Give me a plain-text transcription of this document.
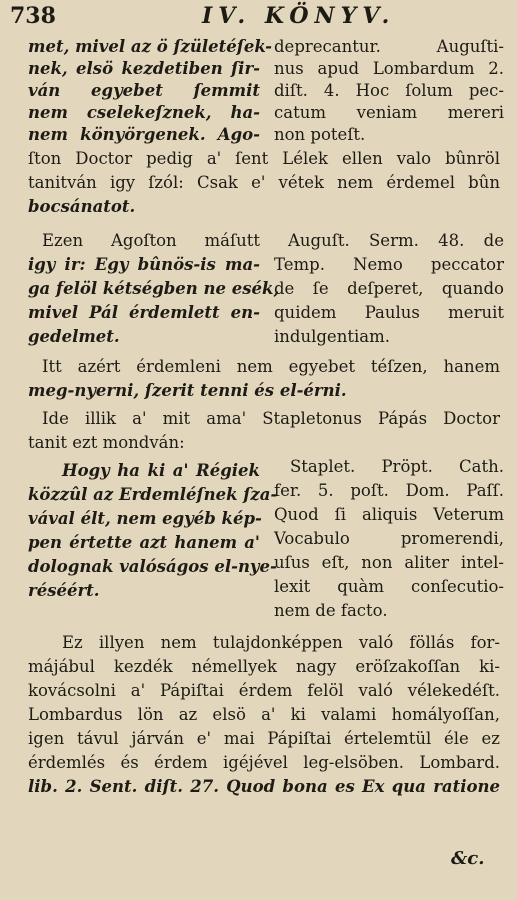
738	IV. KÖNYV.
met, mivel az ö ſzületéſek-
nek, elsö kezdetiben ſir-
ván egyebet ſemmit
nem cselekeſznek, ha-
nem könyörgenek. Ago-
deprecantur. Auguſti-
nus apud Lombardum 2.
diſt. 4. Hoc ſolum pec-
catum veniam mereri
non poteſt.
ſton Doctor pedig a' ſent Lélek ellen valo bûnröl
tanitván igy ſzól: Csak e' vétek nem érdemel bûn
bocsánatot.
Ezen Agoſton máſutt
igy ir: Egy bûnös-is ma-
ga felöl kétségben ne esék,
mivel Pál érdemlett en-
gedelmet.
Auguſt. Serm. 48. de
Temp. Nemo peccator
de ſe deſperet, quando
quidem Paulus meruit
indulgentiam.
Itt azért érdemleni nem egyebet téſzen, hanem
meg-nyerni, ſzerit tenni és el-érni.
Ide illik a' mit ama' Stapletonus Pápás Doctor
tanit ezt mondván:
Hogy ha ki a' Régiek
közzûl az Erdemléſnek ſza-
vával élt, nem egyéb kép-
pen értette azt hanem a'
dolognak valóságos el-nye-
réséért.
Staplet. Pröpt. Cath.
fer. 5. poſt. Dom. Paſſ.
Quod ſi aliquis Veterum
Vocabulo promerendi,
uſus eſt, non aliter intel-
lexit quàm conſecutio-
nem de facto.
Ez illyen nem tulajdonképpen való föllás for-
májábul kezdék némellyek nagy eröſzakoſſan ki-
kovácsolni a' Pápiſtai érdem felöl való vélekedéſt.
Lombardus lön az elsö a' ki valami homályoſſan,
igen távul járván e' mai Pápiſtai értelemtül éle ez
érdemlés és érdem igéjével leg-elsöben. Lombard.
lib. 2. Sent. diſt. 27. Quod bona es Ex qua ratione
&c.
